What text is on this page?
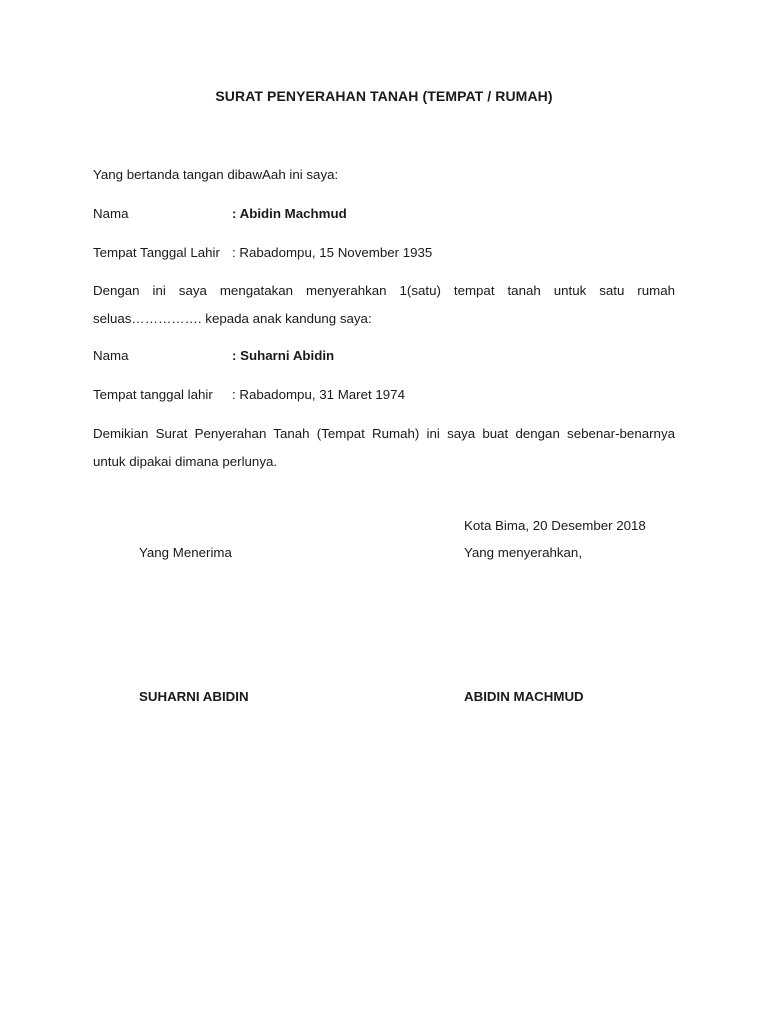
SURAT PENYERAHAN TANAH (TEMPAT / RUMAH)
Yang bertanda tangan dibawAah ini saya:
Nama	: Abidin Machmud
Tempat Tanggal Lahir : Rabadompu, 15 November 1935
Dengan ini saya mengatakan menyerahkan 1(satu) tempat tanah untuk satu rumah seluas……………. kepada anak kandung saya:
Nama	: Suharni Abidin
Tempat tanggal lahir : Rabadompu, 31 Maret 1974
Demikian Surat Penyerahan Tanah (Tempat Rumah) ini saya buat dengan sebenar-benarnya untuk dipakai dimana perlunya.
Kota Bima, 20 Desember 2018
Yang Menerima	Yang menyerahkan,
SUHARNI ABIDIN	ABIDIN MACHMUD
